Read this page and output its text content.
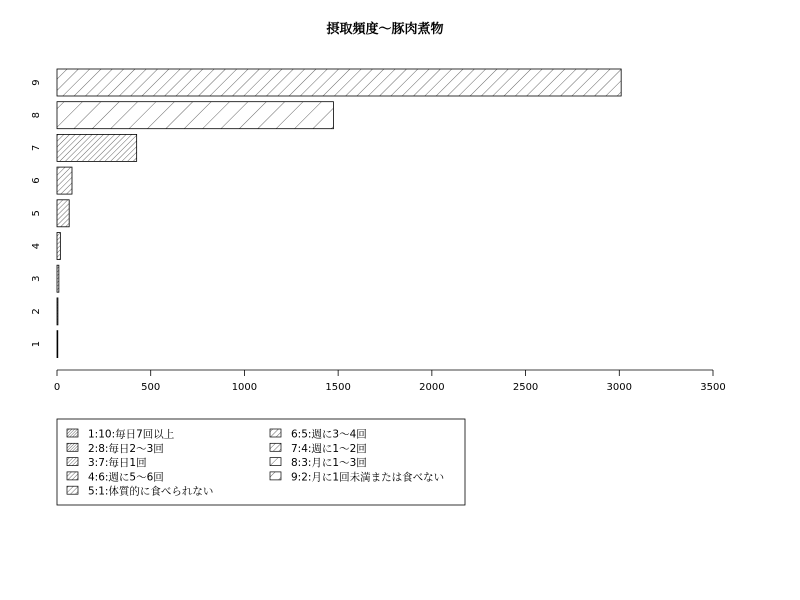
摂取頻度〜豚肉煮物
1
2
3
4
5
6
7
8
9
0	500	1000	1500	2000	2500	3000	3500
1:10:毎日7回以上
2:8:毎日2〜3回
3:7:毎日1回
4:6:週に5〜6回
5:1:体質的に食べられない
6:5:週に3〜4回
7:4:週に1〜2回
8:3:月に1〜3回
9:2:月に1回未満または食べない
